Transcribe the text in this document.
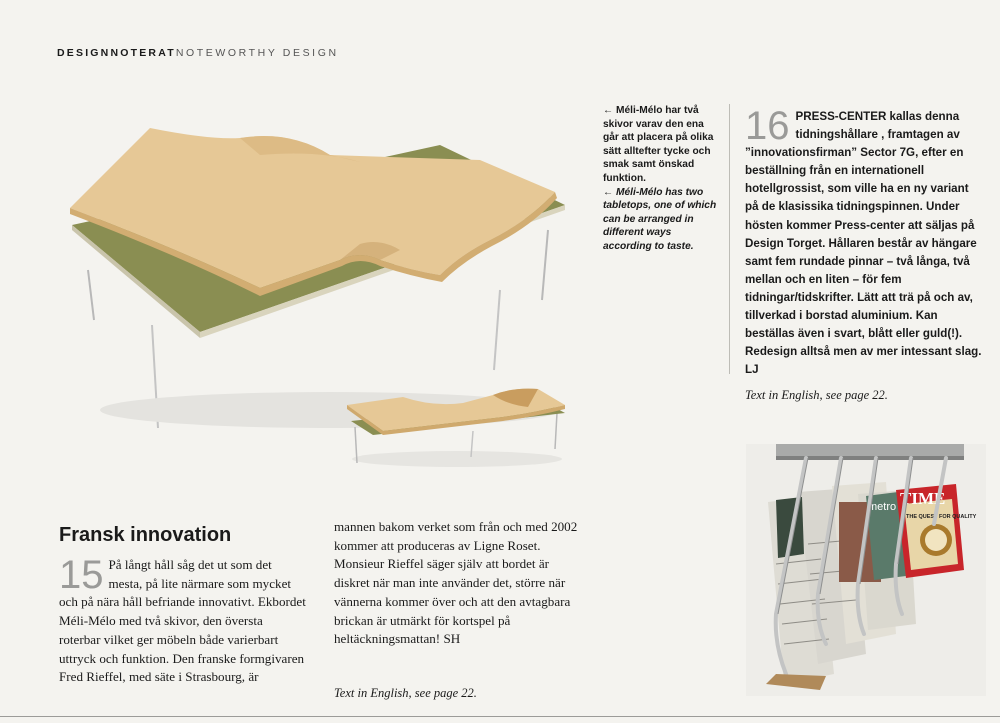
DESIGNNOTERATNOTEWORTHY DESIGN

← Méli-Mélo har två skivor varav den ena går att placera på olika sätt alltefter tycke och smak samt önskad funktion.

← Méli-Mélo has two tabletops, one of which can be arranged in different ways according to taste.

16 PRESS-CENTER kallas denna tidningshållare , framtagen av ”innovationsfirman” Sector 7G, efter en beställning från en internationell hotellgrossist, som ville ha en ny variant på de klasissika tidningspinnen. Under hösten kommer Press-center att säljas på Design Torget. Hållaren består av hängare samt fem rundade pinnar – två långa, två mellan och en liten – för fem tidningar/tidskrifter. Lätt att trä på och av, tillverkad i borstad aluminium. Kan beställas även i svart, blått eller guld(!). Redesign alltså men av mer intessant slag. LJ
Text in English, see page 22.
metro TIME
THE QUEST FOR QUALITY
Fransk innovation
15 På långt håll såg det ut som det mesta, på lite närmare som mycket och på nära håll befriande innovativt. Ekbordet Méli-Mélo med två skivor, den översta roterbar vilket ger möbeln både varierbart uttryck och funktion. Den franske formgivaren Fred Rieffel, med säte i Strasbourg, är
mannen bakom verket som från och med 2002 kommer att produceras av Ligne Roset. Monsieur Rieffel säger själv att bordet är diskret när man inte använder det, större när vännerna kommer över och att den avtagbara brickan är utmärkt för kortspel på heltäckningsmattan! SH
Text in English, see page 22.
